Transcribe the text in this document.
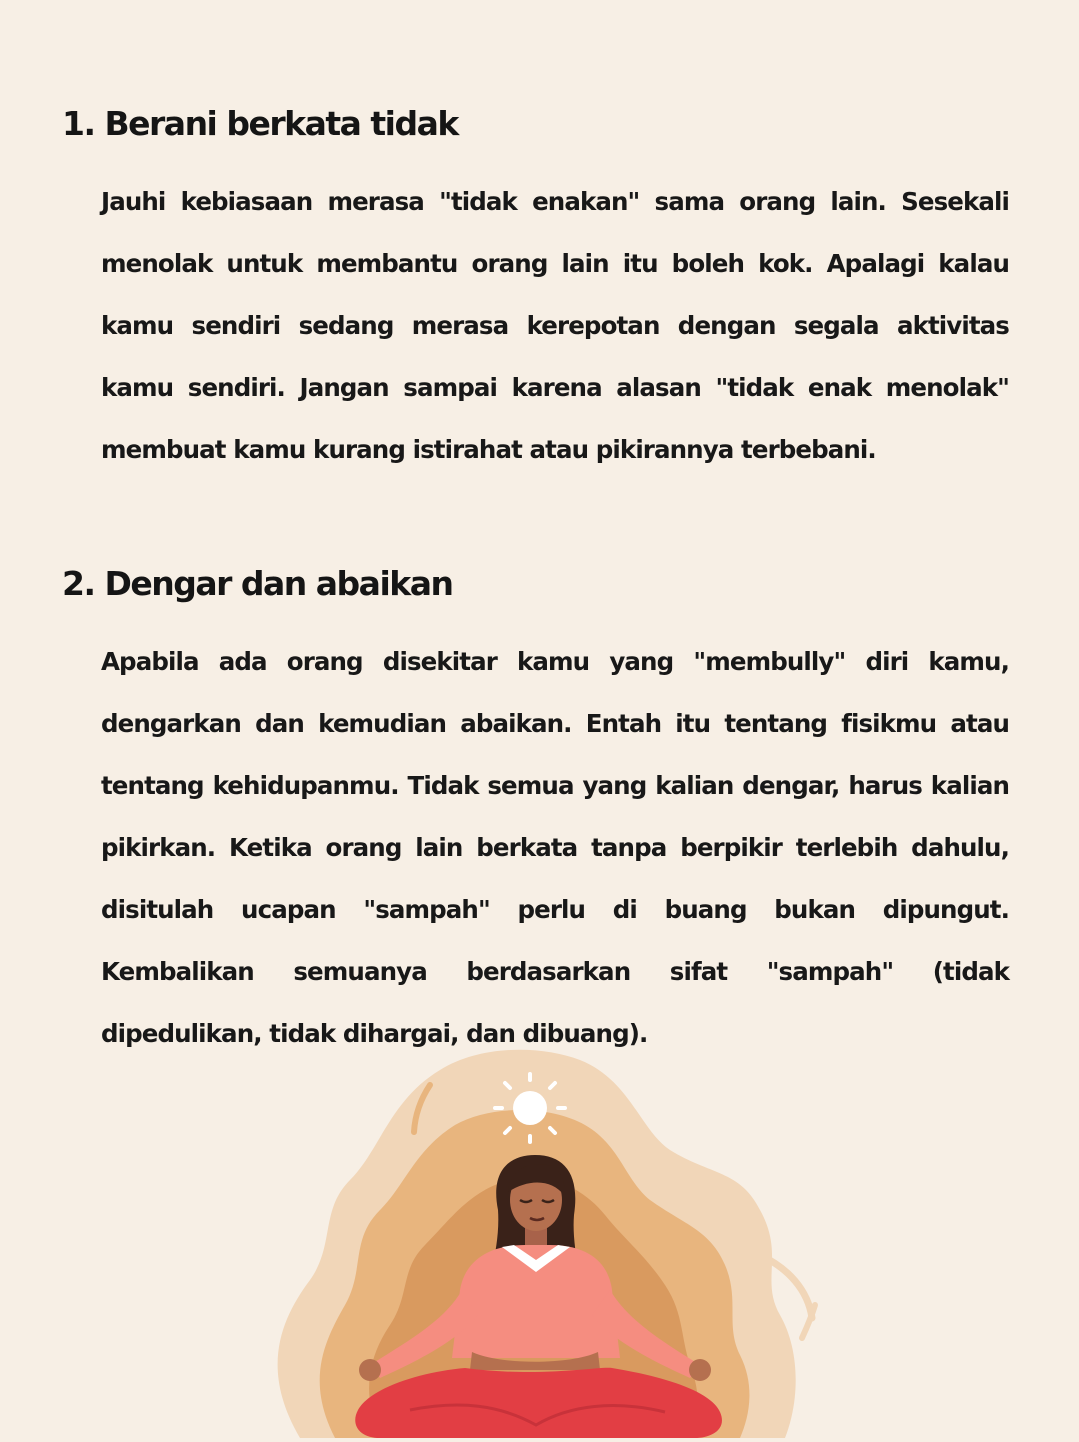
1. Berani berkata tidak

Jauhi kebiasaan merasa "tidak enakan" sama orang lain. Sesekali menolak untuk membantu orang lain itu boleh kok. Apalagi kalau kamu sendiri sedang merasa kerepotan dengan segala aktivitas kamu sendiri. Jangan sampai karena alasan "tidak enak menolak" membuat kamu kurang istirahat atau pikirannya terbebani.

2. Dengar dan abaikan

Apabila ada orang disekitar kamu yang "membully" diri kamu, dengarkan dan kemudian abaikan. Entah itu tentang fisikmu atau tentang kehidupanmu. Tidak semua yang kalian dengar, harus kalian pikirkan. Ketika orang lain berkata tanpa berpikir terlebih dahulu, disitulah ucapan "sampah" perlu di buang bukan dipungut. Kembalikan semuanya berdasarkan sifat "sampah" (tidak dipedulikan, tidak dihargai, dan dibuang).
